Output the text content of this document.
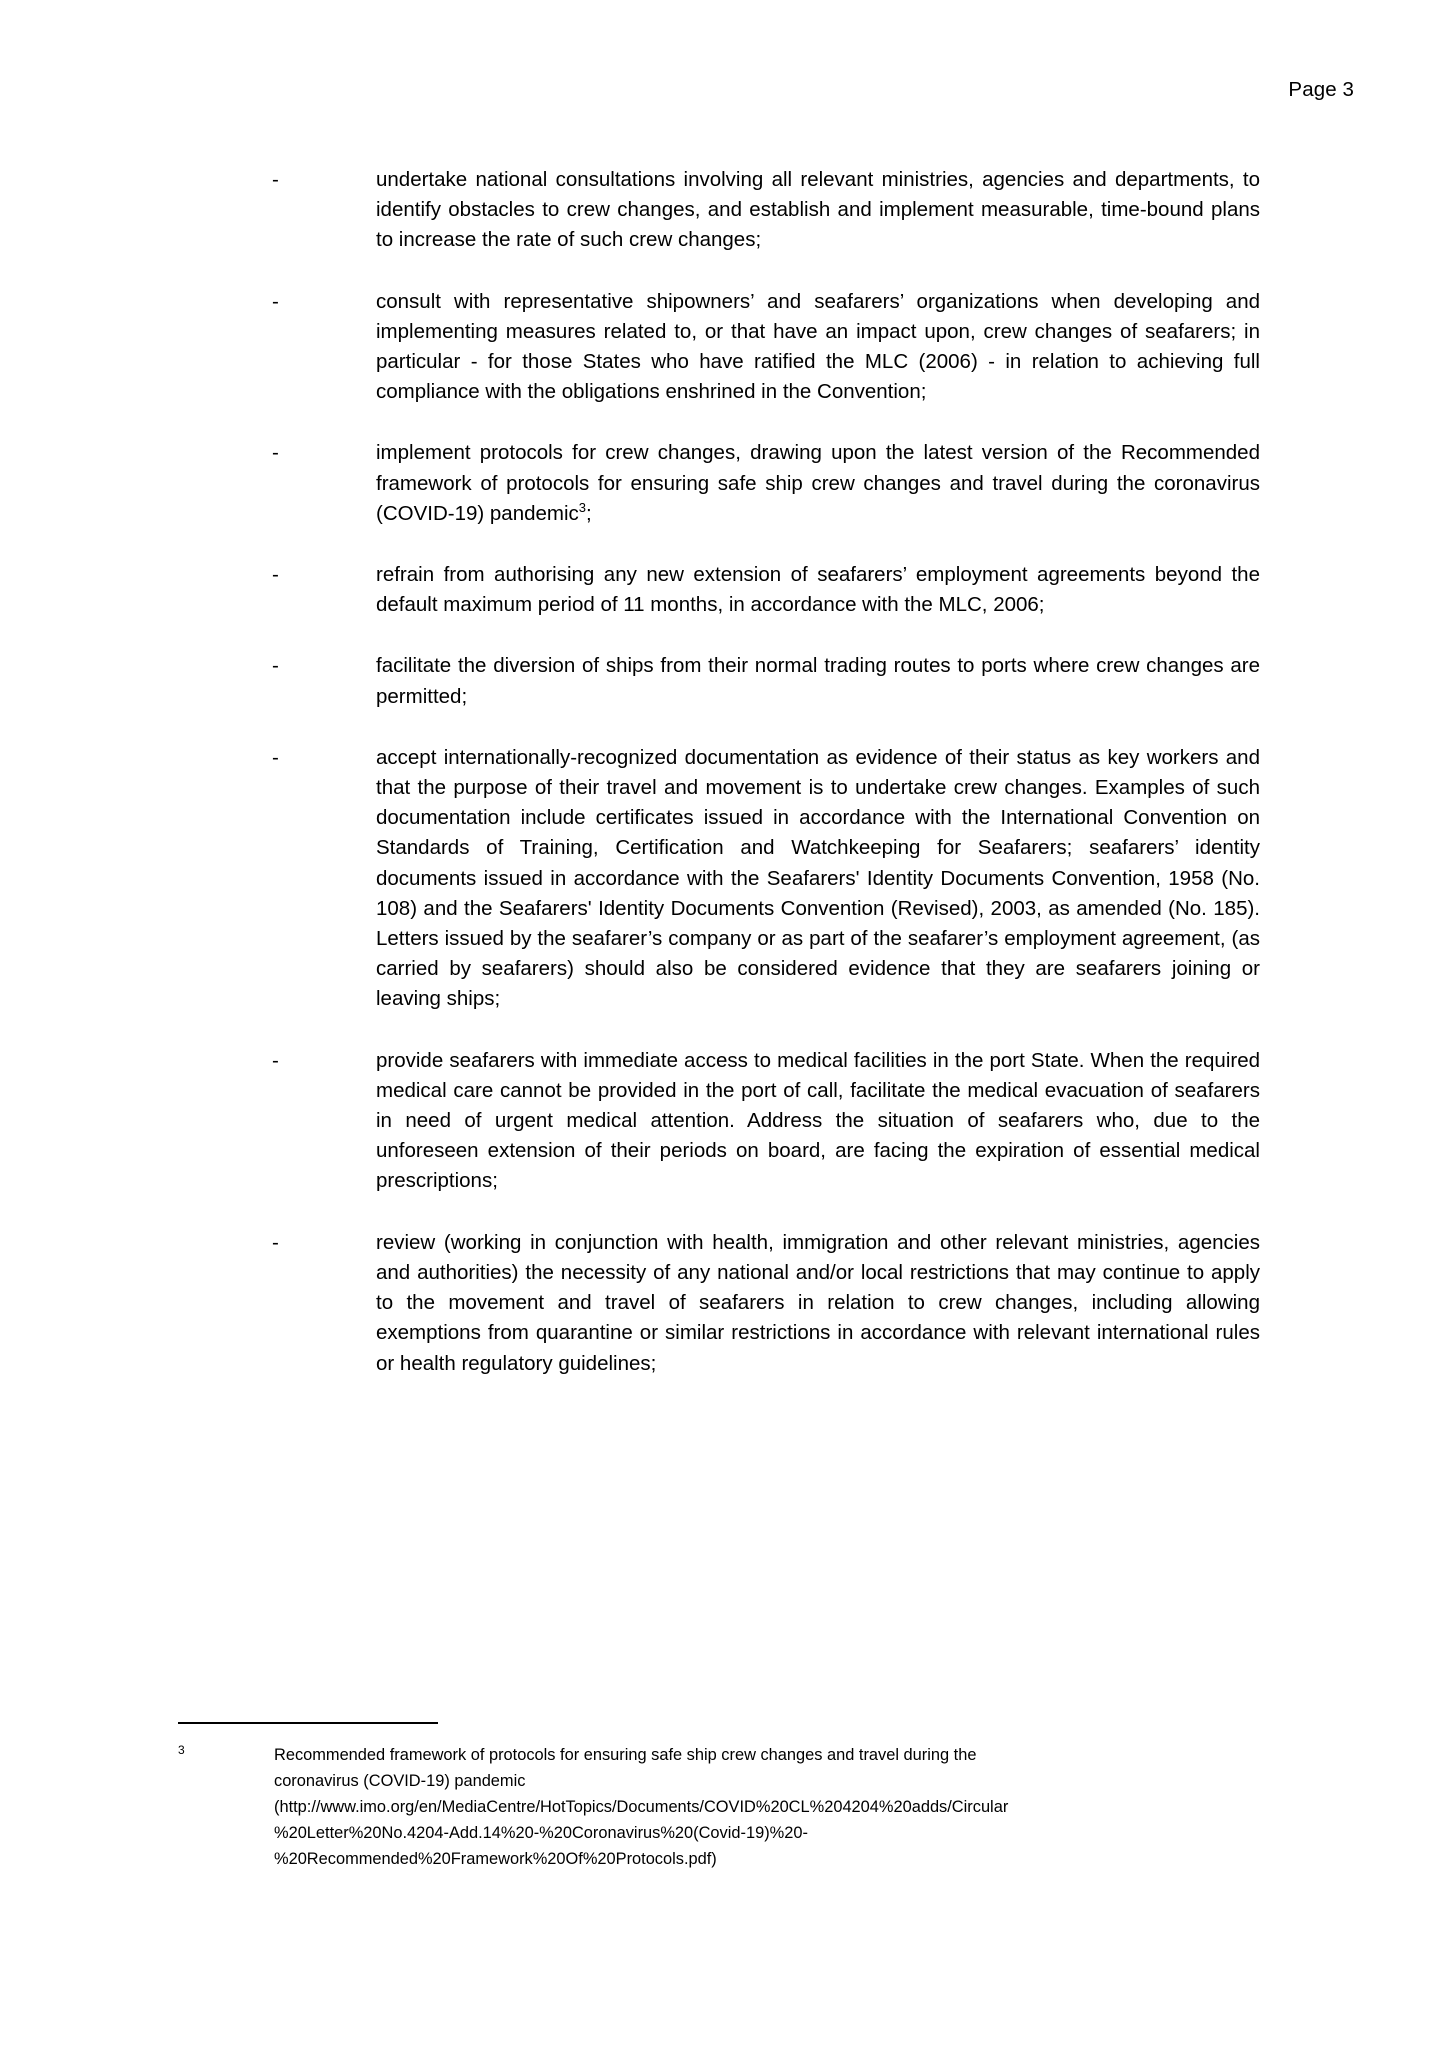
Page 3
-	undertake national consultations involving all relevant ministries, agencies and departments, to identify obstacles to crew changes, and establish and implement measurable, time-bound plans to increase the rate of such crew changes;
-	consult with representative shipowners’ and seafarers’ organizations when developing and implementing measures related to, or that have an impact upon, crew changes of seafarers; in particular - for those States who have ratified the MLC (2006) - in relation to achieving full compliance with the obligations enshrined in the Convention;
-	implement protocols for crew changes, drawing upon the latest version of the Recommended framework of protocols for ensuring safe ship crew changes and travel during the coronavirus (COVID-19) pandemic$^3$;
-	refrain from authorising any new extension of seafarers’ employment agreements beyond the default maximum period of 11 months, in accordance with the MLC, 2006;
-	facilitate the diversion of ships from their normal trading routes to ports where crew changes are permitted;
-	accept internationally-recognized documentation as evidence of their status as key workers and that the purpose of their travel and movement is to undertake crew changes. Examples of such documentation include certificates issued in accordance with the International Convention on Standards of Training, Certification and Watchkeeping for Seafarers; seafarers’ identity documents issued in accordance with the Seafarers' Identity Documents Convention, 1958 (No. 108) and the Seafarers' Identity Documents Convention (Revised), 2003, as amended (No. 185). Letters issued by the seafarer’s company or as part of the seafarer’s employment agreement, (as carried by seafarers) should also be considered evidence that they are seafarers joining or leaving ships;
-	provide seafarers with immediate access to medical facilities in the port State. When the required medical care cannot be provided in the port of call, facilitate the medical evacuation of seafarers in need of urgent medical attention. Address the situation of seafarers who, due to the unforeseen extension of their periods on board, are facing the expiration of essential medical prescriptions;
-	review (working in conjunction with health, immigration and other relevant ministries, agencies and authorities) the necessity of any national and/or local restrictions that may continue to apply to the movement and travel of seafarers in relation to crew changes, including allowing exemptions from quarantine or similar restrictions in accordance with relevant international rules or health regulatory guidelines;
3	Recommended framework of protocols for ensuring safe ship crew changes and travel during the
coronavirus (COVID-19) pandemic
(http://www.imo.org/en/MediaCentre/HotTopics/Documents/COVID%20CL%204204%20adds/Circular
%20Letter%20No.4204-Add.14%20-%20Coronavirus%20(Covid-19)%20-
%20Recommended%20Framework%20Of%20Protocols.pdf)
